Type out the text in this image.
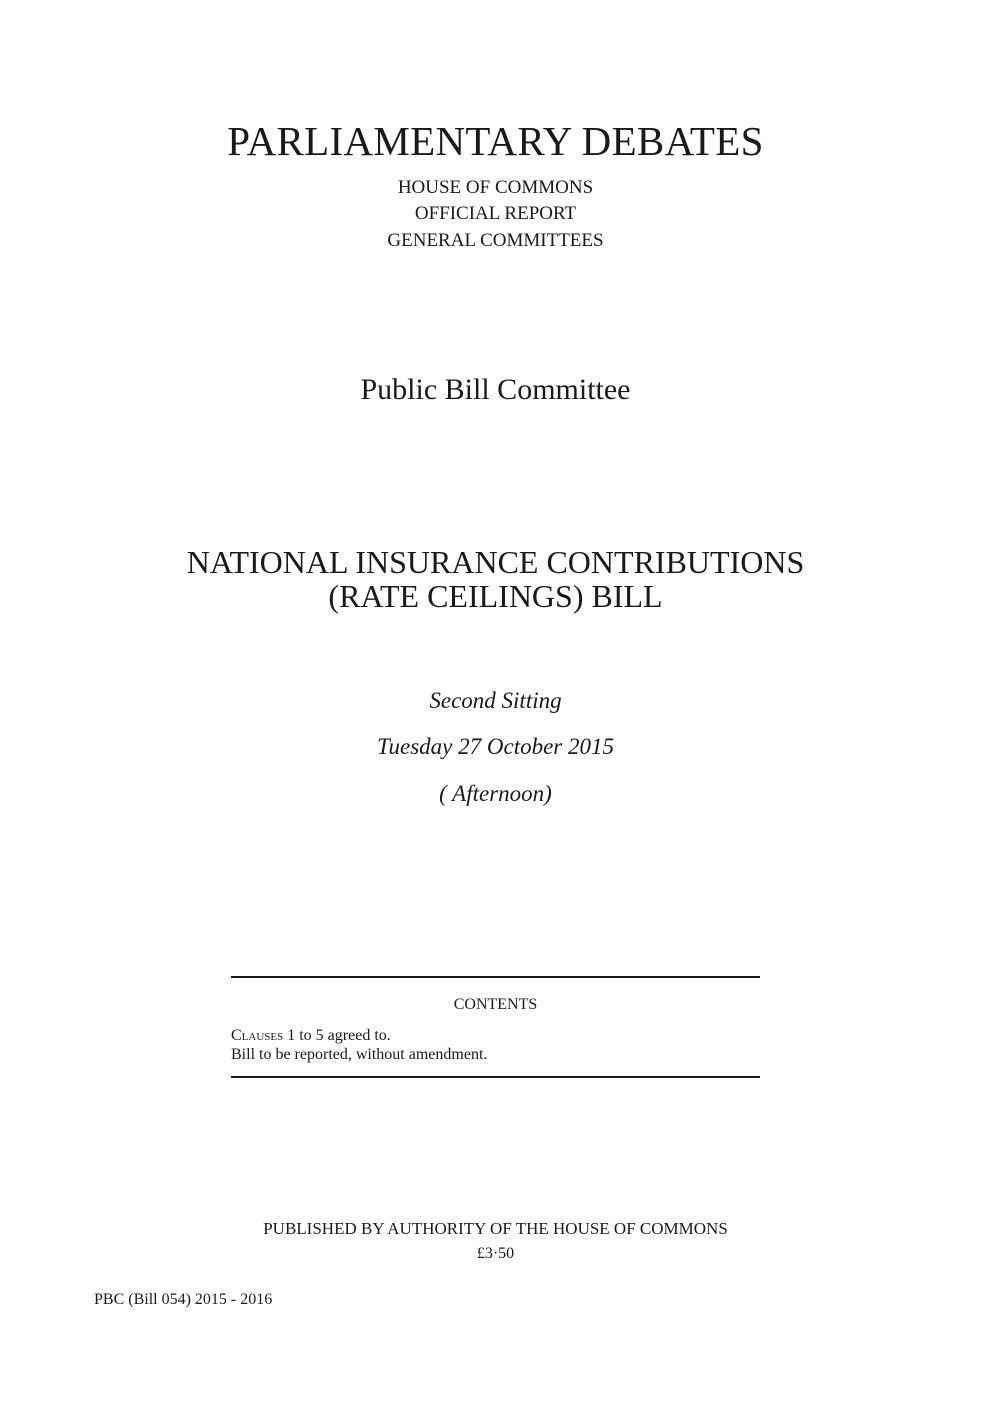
PARLIAMENTARY DEBATES
HOUSE OF COMMONS
OFFICIAL REPORT
GENERAL COMMITTEES
Public Bill Committee
NATIONAL INSURANCE CONTRIBUTIONS
(RATE CEILINGS) BILL
Second Sitting
Tuesday 27 October 2015
( Afternoon)
CONTENTS
Clauses 1 to 5 agreed to.
Bill to be reported, without amendment.
PUBLISHED BY AUTHORITY OF THE HOUSE OF COMMONS
£3·50
PBC (Bill 054) 2015 - 2016
